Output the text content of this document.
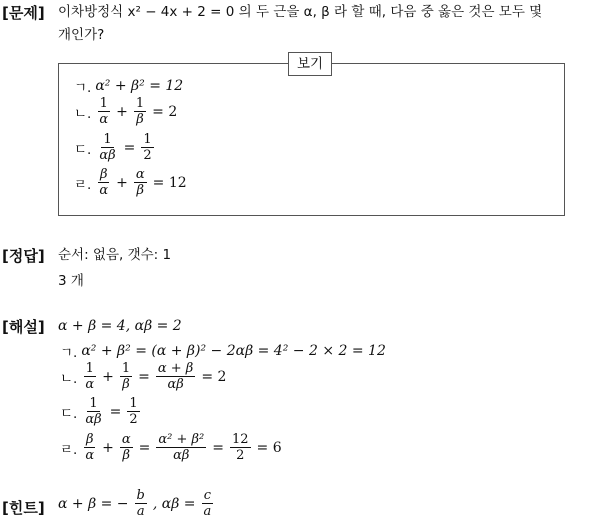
[문제] 이차방정식 x² − 4x + 2 = 0 의 두 근을 α, β 라 할 때, 다음 중 옳은 것은 모두 몇
개인가?
보기
ㄱ. α² + β² = 12
ㄴ. $\frac{1}{\alpha} + \frac{1}{\beta} = 2$
ㄷ. $\frac{1}{\alpha\beta} = \frac{1}{2}$
ㄹ. $\frac{\beta}{\alpha} + \frac{\alpha}{\beta} = 12$
[정답] 순서: 없음, 갯수: 1
3 개
[해설] α + β = 4, αβ = 2
ㄱ. α² + β² = (α + β)² − 2αβ = 4² − 2 × 2 = 12
ㄴ. $\frac{1}{\alpha} + \frac{1}{\beta} = \frac{\alpha + \beta}{\alpha\beta} = 2$
ㄷ. $\frac{1}{\alpha\beta} = \frac{1}{2}$
ㄹ. $\frac{\beta}{\alpha} + \frac{\alpha}{\beta} = \frac{\text{α² + β²}}{\alpha\beta} = \frac{12}{2} = 6$
[힌트] α + β = − $\frac{b}{a}$ , $\alpha\beta = \frac{c}{a}$
